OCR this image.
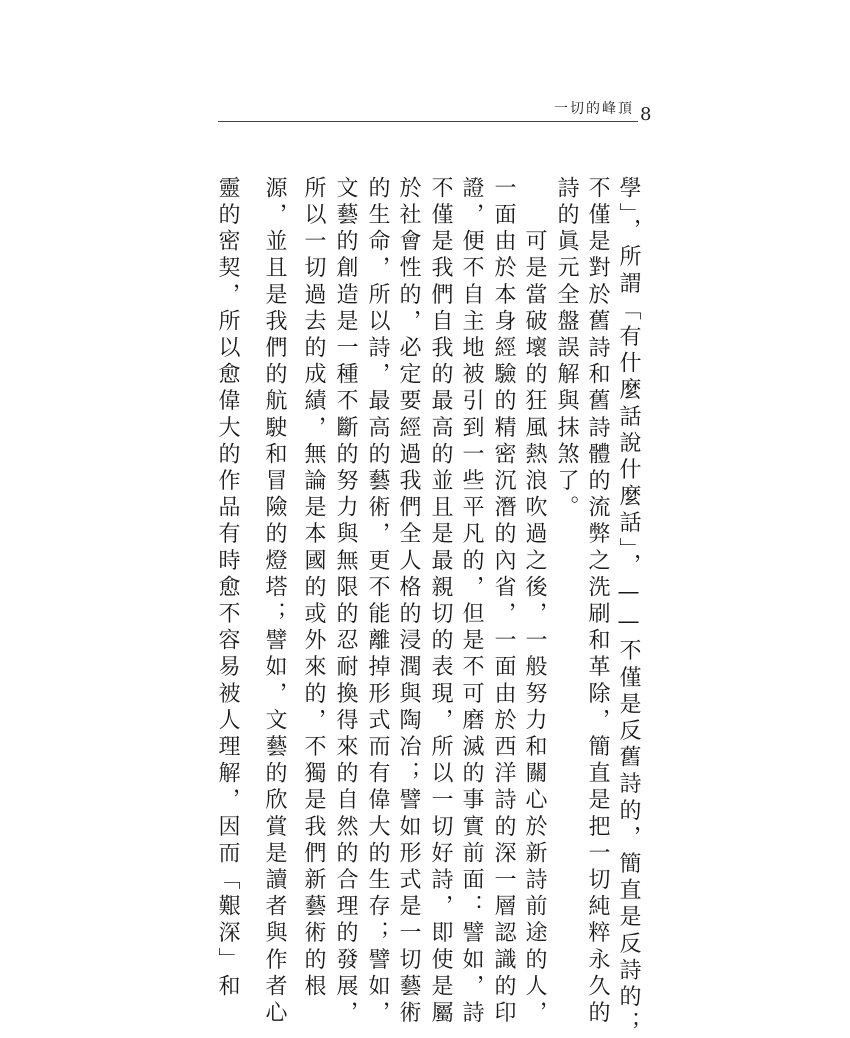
一切的峰頂 8
學」，所謂「有什麼話說什麼話」，——不僅是反舊詩的，簡直是反詩的；
不僅是對於舊詩和舊詩體的流弊之洗刷和革除，簡直是把一切純粹永久的
詩的眞元全盤誤解與抹煞了。
　　可是當破壞的狂風熱浪吹過之後，一般努力和關心於新詩前途的人，
一面由於本身經驗的精密沉潛的內省，一面由於西洋詩的深一層認識的印
證，便不自主地被引到一些平凡的，但是不可磨滅的事實前面：譬如，詩
不僅是我們自我的最高的並且是最親切的表現，所以一切好詩，即使是屬
於社會性的，必定要經過我們全人格的浸潤與陶冶；譬如形式是一切藝術
的生命，所以詩，最高的藝術，更不能離掉形式而有偉大的生存；譬如，
文藝的創造是一種不斷的努力與無限的忍耐換得來的自然的合理的發展，
所以一切過去的成績，無論是本國的或外來的，不獨是我們新藝術的根
源，並且是我們的航駛和冒險的燈塔；譬如，文藝的欣賞是讀者與作者心
靈的密契，所以愈偉大的作品有時愈不容易被人理解，因而「艱深」和
